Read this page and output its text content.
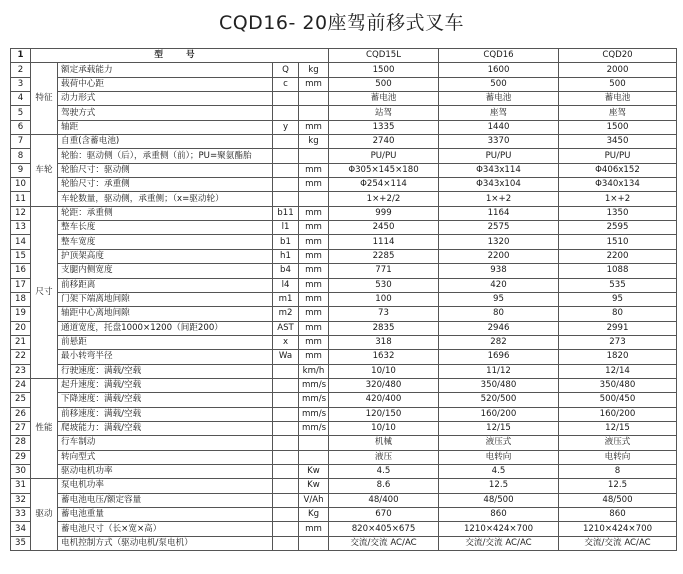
CQD16- 20座驾前移式叉车
1	型 号				CQD15L	CQD16	CQD20
2	特征	额定承载能力	Q	kg	1500	1600	2000
3		载荷中心距	c	mm	500	500	500
4		动力形式			蓄电池	蓄电池	蓄电池
5		驾驶方式			站驾	座驾	座驾
6		轴距	y	mm	1335	1440	1500
7	车轮	自重(含蓄电池)		kg	2740	3370	3450
8		轮胎：驱动侧（后），承重侧（前）；PU=聚氨酯胎			PU/PU	PU/PU	PU/PU
9		轮胎尺寸：驱动侧		mm	Φ305×145×180	Φ343x114	Φ406x152
10		轮胎尺寸：承重侧		mm	Φ254×114	Φ343x104	Φ340x134
11		车轮数量，驱动侧，承重侧；（x=驱动轮）			1×+2/2	1×+2	1×+2
12	尺寸	轮距：承重侧	b11	mm	999	1164	1350
13		整车长度	l1	mm	2450	2575	2595
14		整车宽度	b1	mm	1114	1320	1510
15		护顶架高度	h1	mm	2285	2200	2200
16		支腿内侧宽度	b4	mm	771	938	1088
17		前移距离	l4	mm	530	420	535
18		门架下端离地间隙	m1	mm	100	95	95
19		轴距中心离地间隙	m2	mm	73	80	80
20		通道宽度，托盘1000×1200（间距200）	AST	mm	2835	2946	2991
21		前悬距	x	mm	318	282	273
22		最小转弯半径	Wa	mm	1632	1696	1820
23		行驶速度：满载/空载		km/h	10/10	11/12	12/14
24	性能	起升速度：满载/空载		mm/s	320/480	350/480	350/480
25		下降速度：满载/空载		mm/s	420/400	520/500	500/450
26		前移速度：满载/空载		mm/s	120/150	160/200	160/200
27		爬坡能力：满载/空载		mm/s	10/10	12/15	12/15
28		行车制动			机械	液压式	液压式
29		转向型式			液压	电转向	电转向
30		驱动电机功率		Kw	4.5	4.5	8
31	驱动	泵电机功率		Kw	8.6	12.5	12.5
32		蓄电池电压/额定容量		V/Ah	48/400	48/500	48/500
33		蓄电池重量		Kg	670	860	860
34		蓄电池尺寸（长×宽×高）		mm	820×405×675	1210×424×700	1210×424×700
35		电机控制方式（驱动电机/泵电机）			交流/交流 AC/AC	交流/交流 AC/AC	交流/交流 AC/AC
